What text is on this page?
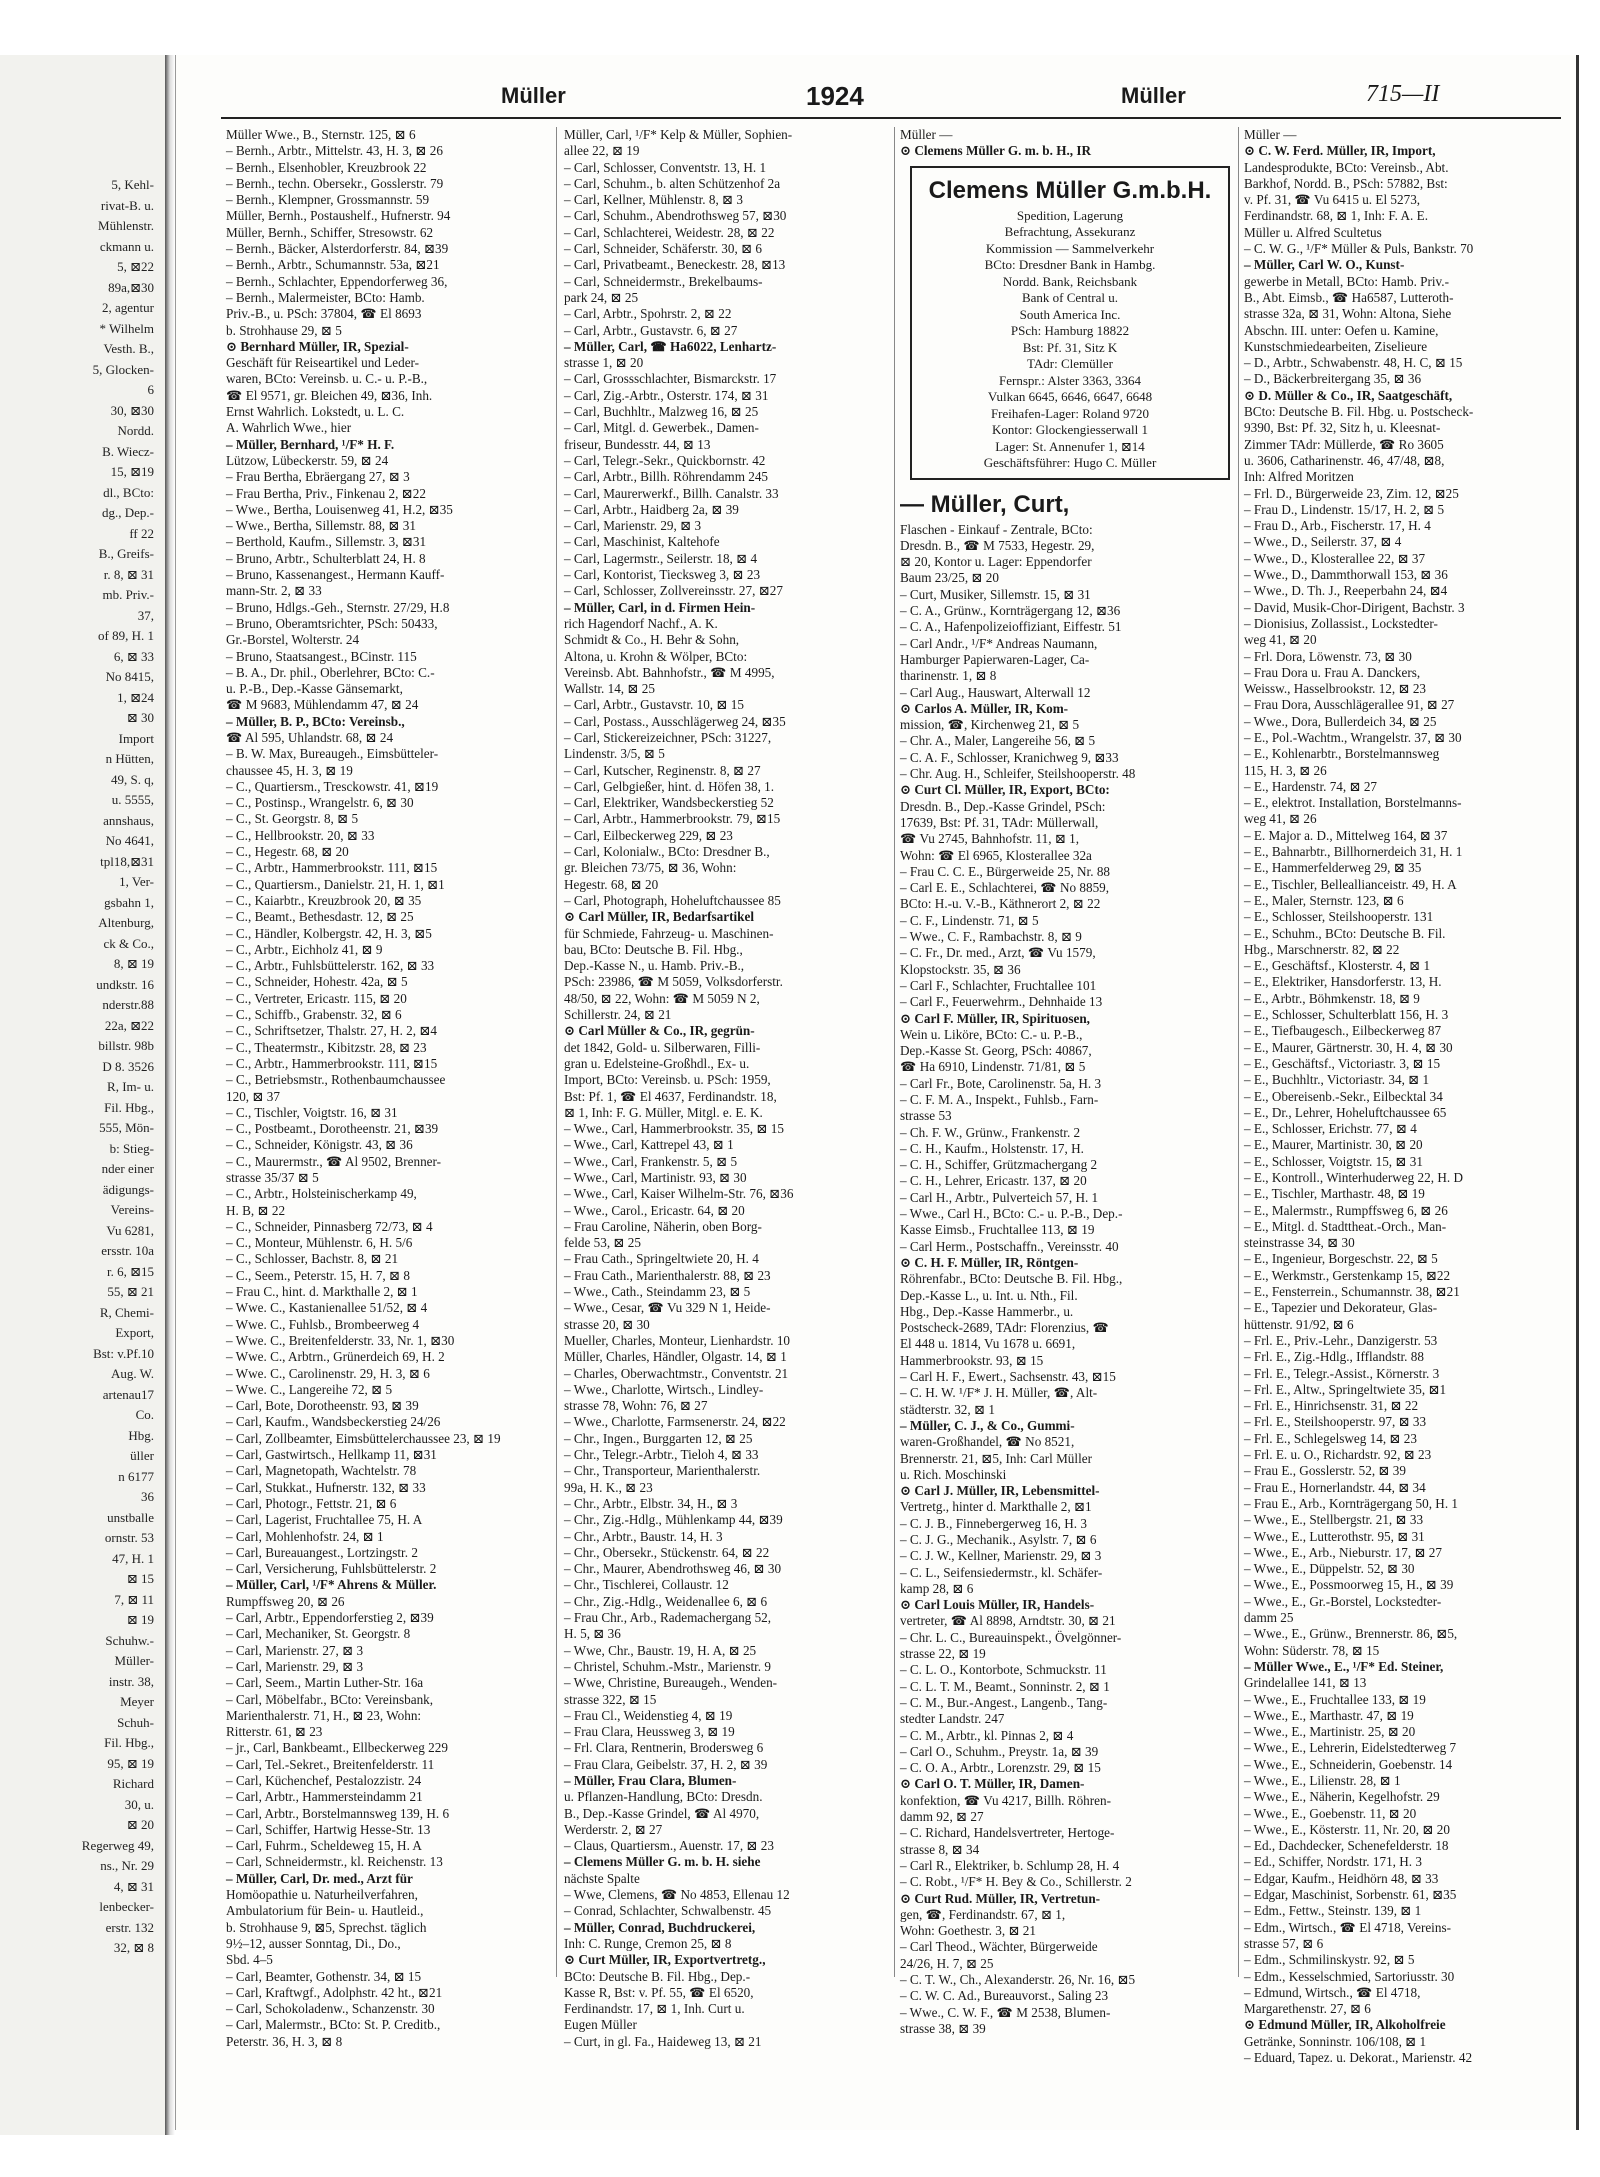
5, Kehl-
rivat-B. u.
Mühlenstr.
ckmann u.
5, ⊠22
89a,⊠30
2, agentur
* Wilhelm
Vesth. B.,
5, Glocken-
6
30, ⊠30
Nordd.
B. Wiecz-
15, ⊠19
dl., BCto:
dg., Dep.-
ff 22
B., Greifs-
r. 8, ⊠ 31
mb. Priv.-
37,
of 89, H. 1
6, ⊠ 33
No 8415,
1, ⊠24
⊠ 30
Import
n Hütten,
49, S. q,
u. 5555,
annshaus,
No 4641,
tpl18,⊠31
1, Ver-
gsbahn 1,
Altenburg,
ck & Co.,
8, ⊠ 19
undkstr. 16
nderstr.88
22a, ⊠22
billstr. 98b
D 8. 3526
R, Im- u.
Fil. Hbg.,
555, Mön-
b: Stieg-
nder einer
ädigungs-
Vereins-
Vu 6281,
ersstr. 10a
r. 6, ⊠15
55, ⊠ 21
R, Chemi-
Export,
Bst: v.Pf.10
Aug. W.
artenau17
Co.
Hbg.
üller
n 6177
36
unstballe
ornstr. 53
47, H. 1
⊠ 15
7, ⊠ 11
⊠ 19
Schuhw.-
Müller-
instr. 38,
Meyer
Schuh-
Fil. Hbg.,
95, ⊠ 19
Richard
30, u.
⊠ 20
Regerweg 49,
ns., Nr. 29
4, ⊠ 31
lenbecker-
erstr. 132
32, ⊠ 8
Müller	1924	Müller	715—II
Müller Wwe., B., Sternstr. 125, ⊠ 6
– Bernh., Arbtr., Mittelstr. 43, H. 3, ⊠ 26
– Bernh., Elsenhobler, Kreuzbrook 22
– Bernh., techn. Obersekr., Gosslerstr. 79
– Bernh., Klempner, Grossmannstr. 59
Müller, Bernh., Postaushelf., Hufnerstr. 94
Müller, Bernh., Schiffer, Stresowstr. 62
– Bernh., Bäcker, Alsterdorferstr. 84, ⊠39
– Bernh., Arbtr., Schumannstr. 53a, ⊠21
– Bernh., Schlachter, Eppendorferweg 36,
– Bernh., Malermeister, BCto: Hamb.
Priv.-B., u. PSch: 37804, ☎ El 8693
b. Strohhause 29, ⊠ 5
⊙ Bernhard Müller, IR, Spezial-
Geschäft für Reiseartikel und Leder-
waren, BCto: Vereinsb. u. C.- u. P.-B.,
☎ El 9571, gr. Bleichen 49, ⊠36, Inh.
Ernst Wahrlich. Lokstedt, u. L. C.
A. Wahrlich Wwe., hier
– Müller, Bernhard, ¹/F* H. F.
Lützow, Lübeckerstr. 59, ⊠ 24
– Frau Bertha, Ebräergang 27, ⊠ 3
– Frau Bertha, Priv., Finkenau 2, ⊠22
– Wwe., Bertha, Louisenweg 41, H.2, ⊠35
– Wwe., Bertha, Sillemstr. 88, ⊠ 31
– Berthold, Kaufm., Sillemstr. 3, ⊠31
– Bruno, Arbtr., Schulterblatt 24, H. 8
– Bruno, Kassenangest., Hermann Kauff-
mann-Str. 2, ⊠ 33
– Bruno, Hdlgs.-Geh., Sternstr. 27/29, H.8
– Bruno, Oberamtsrichter, PSch: 50433,
Gr.-Borstel, Wolterstr. 24
– Bruno, Staatsangest., BCinstr. 115
– B. A., Dr. phil., Oberlehrer, BCto: C.-
u. P.-B., Dep.-Kasse Gänsemarkt,
☎ M 9683, Mühlendamm 47, ⊠ 24
– Müller, B. P., BCto: Vereinsb.,
☎ Al 595, Uhlandstr. 68, ⊠ 24
– B. W. Max, Bureaugeh., Eimsbütteler-
chaussee 45, H. 3, ⊠ 19
– C., Quartiersm., Tresckowstr. 41, ⊠19
– C., Postinsp., Wrangelstr. 6, ⊠ 30
– C., St. Georgstr. 8, ⊠ 5
– C., Hellbrookstr. 20, ⊠ 33
– C., Hegestr. 68, ⊠ 20
– C., Arbtr., Hammerbrookstr. 111, ⊠15
– C., Quartiersm., Danielstr. 21, H. 1, ⊠1
– C., Kaiarbtr., Kreuzbrook 20, ⊠ 35
– C., Beamt., Bethesdastr. 12, ⊠ 25
– C., Händler, Kolbergstr. 42, H. 3, ⊠5
– C., Arbtr., Eichholz 41, ⊠ 9
– C., Arbtr., Fuhlsbüttelerstr. 162, ⊠ 33
– C., Schneider, Hohestr. 42a, ⊠ 5
– C., Vertreter, Ericastr. 115, ⊠ 20
– C., Schiffb., Grabenstr. 32, ⊠ 6
– C., Schriftsetzer, Thalstr. 27, H. 2, ⊠4
– C., Theatermstr., Kibitzstr. 28, ⊠ 23
– C., Arbtr., Hammerbrookstr. 111, ⊠15
– C., Betriebsmstr., Rothenbaumchaussee
120, ⊠ 37
– C., Tischler, Voigtstr. 16, ⊠ 31
– C., Postbeamt., Dorotheenstr. 21, ⊠39
– C., Schneider, Königstr. 43, ⊠ 36
– C., Maurermstr., ☎ Al 9502, Brenner-
strasse 35/37 ⊠ 5
– C., Arbtr., Holsteinischerkamp 49,
H. B, ⊠ 22
– C., Schneider, Pinnasberg 72/73, ⊠ 4
– C., Monteur, Mühlenstr. 6, H. 5/6
– C., Schlosser, Bachstr. 8, ⊠ 21
– C., Seem., Peterstr. 15, H. 7, ⊠ 8
– Frau C., hint. d. Markthalle 2, ⊠ 1
– Wwe. C., Kastanienallee 51/52, ⊠ 4
– Wwe. C., Fuhlsb., Brombeerweg 4
– Wwe. C., Breitenfelderstr. 33, Nr. 1, ⊠30
– Wwe. C., Arbtrn., Grünerdeich 69, H. 2
– Wwe. C., Carolinenstr. 29, H. 3, ⊠ 6
– Wwe. C., Langereihe 72, ⊠ 5
– Carl, Bote, Dorotheenstr. 93, ⊠ 39
– Carl, Kaufm., Wandsbeckerstieg 24/26
– Carl, Zollbeamter, Eimsbüttelerchaussee 23, ⊠ 19
– Carl, Gastwirtsch., Hellkamp 11, ⊠31
– Carl, Magnetopath, Wachtelstr. 78
– Carl, Stukkat., Hufnerstr. 132, ⊠ 33
– Carl, Photogr., Fettstr. 21, ⊠ 6
– Carl, Lagerist, Fruchtallee 75, H. A
– Carl, Mohlenhofstr. 24, ⊠ 1
– Carl, Bureauangest., Lortzingstr. 2
– Carl, Versicherung, Fuhlsbüttelerstr. 2
– Müller, Carl, ¹/F* Ahrens & Müller.
Rumpffsweg 20, ⊠ 26
– Carl, Arbtr., Eppendorferstieg 2, ⊠39
– Carl, Mechaniker, St. Georgstr. 8
– Carl, Marienstr. 27, ⊠ 3
– Carl, Marienstr. 29, ⊠ 3
– Carl, Seem., Martin Luther-Str. 16a
– Carl, Möbelfabr., BCto: Vereinsbank,
Marienthalerstr. 71, H., ⊠ 23, Wohn:
Ritterstr. 61, ⊠ 23
– jr., Carl, Bankbeamt., Ellbeckerweg 229
– Carl, Tel.-Sekret., Breitenfelderstr. 11
– Carl, Küchenchef, Pestalozzistr. 24
– Carl, Arbtr., Hammersteindamm 21
– Carl, Arbtr., Borstelmannsweg 139, H. 6
– Carl, Schiffer, Hartwig Hesse-Str. 13
– Carl, Fuhrm., Scheldeweg 15, H. A
– Carl, Schneidermstr., kl. Reichenstr. 13
– Müller, Carl, Dr. med., Arzt für
Homöopathie u. Naturheilverfahren,
Ambulatorium für Bein- u. Hautleid.,
b. Strohhause 9, ⊠5, Sprechst. täglich
9½–12, ausser Sonntag, Di., Do.,
Sbd. 4–5
– Carl, Beamter, Gothenstr. 34, ⊠ 15
– Carl, Kraftwgf., Adolphstr. 42 ht., ⊠21
– Carl, Schokoladenw., Schanzenstr. 30
– Carl, Malermstr., BCto: St. P. Creditb.,
Peterstr. 36, H. 3, ⊠ 8
Müller, Carl, ¹/F* Kelp & Müller, Sophien-
allee 22, ⊠ 19
– Carl, Schlosser, Conventstr. 13, H. 1
– Carl, Schuhm., b. alten Schützenhof 2a
– Carl, Kellner, Mühlenstr. 8, ⊠ 3
– Carl, Schuhm., Abendrothsweg 57, ⊠30
– Carl, Schlachterei, Weidestr. 28, ⊠ 22
– Carl, Schneider, Schäferstr. 30, ⊠ 6
– Carl, Privatbeamt., Beneckestr. 28, ⊠13
– Carl, Schneidermstr., Brekelbaums-
park 24, ⊠ 25
– Carl, Arbtr., Spohrstr. 2, ⊠ 22
– Carl, Arbtr., Gustavstr. 6, ⊠ 27
– Müller, Carl, ☎ Ha6022, Lenhartz-
strasse 1, ⊠ 20
– Carl, Grossschlachter, Bismarckstr. 17
– Carl, Zig.-Arbtr., Osterstr. 174, ⊠ 31
– Carl, Buchhltr., Malzweg 16, ⊠ 25
– Carl, Mitgl. d. Gewerbek., Damen-
friseur, Bundesstr. 44, ⊠ 13
– Carl, Telegr.-Sekr., Quickbornstr. 42
– Carl, Arbtr., Billh. Röhrendamm 245
– Carl, Maurerwerkf., Billh. Canalstr. 33
– Carl, Arbtr., Haidberg 2a, ⊠ 39
– Carl, Marienstr. 29, ⊠ 3
– Carl, Maschinist, Kaltehofe
– Carl, Lagermstr., Seilerstr. 18, ⊠ 4
– Carl, Kontorist, Tiecksweg 3, ⊠ 23
– Carl, Schlosser, Zollvereinsstr. 27, ⊠27
– Müller, Carl, in d. Firmen Hein-
rich Hagendorf Nachf., A. K.
Schmidt & Co., H. Behr & Sohn,
Altona, u. Krohn & Wölper, BCto:
Vereinsb. Abt. Bahnhofstr., ☎ M 4995,
Wallstr. 14, ⊠ 25
– Carl, Arbtr., Gustavstr. 10, ⊠ 15
– Carl, Postass., Ausschlägerweg 24, ⊠35
– Carl, Stickereizeichner, PSch: 31227,
Lindenstr. 3/5, ⊠ 5
– Carl, Kutscher, Reginenstr. 8, ⊠ 27
– Carl, Gelbgießer, hint. d. Höfen 38, 1.
– Carl, Elektriker, Wandsbeckerstieg 52
– Carl, Arbtr., Hammerbrookstr. 79, ⊠15
– Carl, Eilbeckerweg 229, ⊠ 23
– Carl, Kolonialw., BCto: Dresdner B.,
gr. Bleichen 73/75, ⊠ 36, Wohn:
Hegestr. 68, ⊠ 20
– Carl, Photograph, Hoheluftchaussee 85
⊙ Carl Müller, IR, Bedarfsartikel
für Schmiede, Fahrzeug- u. Maschinen-
bau, BCto: Deutsche B. Fil. Hbg.,
Dep.-Kasse N., u. Hamb. Priv.-B.,
PSch: 23986, ☎ M 5059, Volksdorferstr.
48/50, ⊠ 22, Wohn: ☎ M 5059 N 2,
Schillerstr. 24, ⊠ 21
⊙ Carl Müller & Co., IR, gegrün-
det 1842, Gold- u. Silberwaren, Filli-
gran u. Edelsteine-Großhdl., Ex- u.
Import, BCto: Vereinsb. u. PSch: 1959,
Bst: Pf. 1, ☎ El 4637, Ferdinandstr. 18,
⊠ 1, Inh: F. G. Müller, Mitgl. e. E. K.
– Wwe., Carl, Hammerbrookstr. 35, ⊠ 15
– Wwe., Carl, Kattrepel 43, ⊠ 1
– Wwe., Carl, Frankenstr. 5, ⊠ 5
– Wwe., Carl, Martinistr. 93, ⊠ 30
– Wwe., Carl, Kaiser Wilhelm-Str. 76, ⊠36
– Wwe., Carol., Ericastr. 64, ⊠ 20
– Frau Caroline, Näherin, oben Borg-
felde 53, ⊠ 25
– Frau Cath., Springeltwiete 20, H. 4
– Frau Cath., Marienthalerstr. 88, ⊠ 23
– Wwe., Cath., Steindamm 23, ⊠ 5
– Wwe., Cesar, ☎ Vu 329 N 1, Heide-
strasse 20, ⊠ 30
Mueller, Charles, Monteur, Lienhardstr. 10
Müller, Charles, Händler, Olgastr. 14, ⊠ 1
– Charles, Oberwachtmstr., Conventstr. 21
– Wwe., Charlotte, Wirtsch., Lindley-
strasse 78, Wohn: 76, ⊠ 27
– Wwe., Charlotte, Farmsenerstr. 24, ⊠22
– Chr., Ingen., Burggarten 12, ⊠ 25
– Chr., Telegr.-Arbtr., Tieloh 4, ⊠ 33
– Chr., Transporteur, Marienthalerstr.
99a, H. K., ⊠ 23
– Chr., Arbtr., Elbstr. 34, H., ⊠ 3
– Chr., Zig.-Hdlg., Mühlenkamp 44, ⊠39
– Chr., Arbtr., Baustr. 14, H. 3
– Chr., Obersekr., Stückenstr. 64, ⊠ 22
– Chr., Maurer, Abendrothsweg 46, ⊠ 30
– Chr., Tischlerei, Collaustr. 12
– Chr., Zig.-Hdlg., Weidenallee 6, ⊠ 6
– Frau Chr., Arb., Rademachergang 52,
H. 5, ⊠ 36
– Wwe, Chr., Baustr. 19, H. A, ⊠ 25
– Christel, Schuhm.-Mstr., Marienstr. 9
– Wwe, Christine, Bureaugeh., Wenden-
strasse 322, ⊠ 15
– Frau Cl., Weidenstieg 4, ⊠ 19
– Frau Clara, Heussweg 3, ⊠ 19
– Frl. Clara, Rentnerin, Brodersweg 6
– Frau Clara, Geibelstr. 37, H. 2, ⊠ 39
– Müller, Frau Clara, Blumen-
u. Pflanzen-Handlung, BCto: Dresdn.
B., Dep.-Kasse Grindel, ☎ Al 4970,
Werderstr. 2, ⊠ 27
– Claus, Quartiersm., Auenstr. 17, ⊠ 23
– Clemens Müller G. m. b. H. siehe
nächste Spalte
– Wwe, Clemens, ☎ No 4853, Ellenau 12
– Conrad, Schlachter, Schwalbenstr. 45
– Müller, Conrad, Buchdruckerei,
Inh: C. Runge, Cremon 25, ⊠ 8
⊙ Curt Müller, IR, Exportvertretg.,
BCto: Deutsche B. Fil. Hbg., Dep.-
Kasse R, Bst: v. Pf. 55, ☎ El 6520,
Ferdinandstr. 17, ⊠ 1, Inh. Curt u.
Eugen Müller
– Curt, in gl. Fa., Haideweg 13, ⊠ 21
Müller —
⊙ Clemens Müller G. m. b. H., IR
Clemens Müller G.m.b.H.
Spedition, Lagerung
Befrachtung, Assekuranz
Kommission — Sammelverkehr
BCto: Dresdner Bank in Hambg.
Nordd. Bank, Reichsbank
Bank of Central u.
South America Inc.
PSch: Hamburg 18822
Bst: Pf. 31, Sitz K
TAdr: Clemüller
Fernspr.: Alster 3363, 3364
Vulkan 6645, 6646, 6647, 6648
Freihafen-Lager: Roland 9720
Kontor: Glockengiesserwall 1
Lager: St. Annenufer 1, ⊠14
Geschäftsführer: Hugo C. Müller
— Müller, Curt,
Flaschen - Einkauf - Zentrale, BCto:
Dresdn. B., ☎ M 7533, Hegestr. 29,
⊠ 20, Kontor u. Lager: Eppendorfer
Baum 23/25, ⊠ 20
– Curt, Musiker, Sillemstr. 15, ⊠ 31
– C. A., Grünw., Kornträgergang 12, ⊠36
– C. A., Hafenpolizeioffiziant, Eiffestr. 51
– Carl Andr., ¹/F* Andreas Naumann,
Hamburger Papierwaren-Lager, Ca-
tharinenstr. 1, ⊠ 8
– Carl Aug., Hauswart, Alterwall 12
⊙ Carlos A. Müller, IR, Kom-
mission, ☎, Kirchenweg 21, ⊠ 5
– Chr. A., Maler, Langereihe 56, ⊠ 5
– C. A. F., Schlosser, Kranichweg 9, ⊠33
– Chr. Aug. H., Schleifer, Steilshooperstr. 48
⊙ Curt Cl. Müller, IR, Export, BCto:
Dresdn. B., Dep.-Kasse Grindel, PSch:
17639, Bst: Pf. 31, TAdr: Müllerwall,
☎ Vu 2745, Bahnhofstr. 11, ⊠ 1,
Wohn: ☎ El 6965, Klosterallee 32a
– Frau C. C. E., Bürgerweide 25, Nr. 88
– Carl E. E., Schlachterei, ☎ No 8859,
BCto: H.-u. V.-B., Käthnerort 2, ⊠ 22
– C. F., Lindenstr. 71, ⊠ 5
– Wwe., C. F., Rambachstr. 8, ⊠ 9
– C. Fr., Dr. med., Arzt, ☎ Vu 1579,
Klopstockstr. 35, ⊠ 36
– Carl F., Schlachter, Fruchtallee 101
– Carl F., Feuerwehrm., Dehnhaide 13
⊙ Carl F. Müller, IR, Spirituosen,
Wein u. Liköre, BCto: C.- u. P.-B.,
Dep.-Kasse St. Georg, PSch: 40867,
☎ Ha 6910, Lindenstr. 71/81, ⊠ 5
– Carl Fr., Bote, Carolinenstr. 5a, H. 3
– C. F. M. A., Inspekt., Fuhlsb., Farn-
strasse 53
– Ch. F. W., Grünw., Frankenstr. 2
– C. H., Kaufm., Holstenstr. 17, H.
– C. H., Schiffer, Grützmachergang 2
– C. H., Lehrer, Ericastr. 137, ⊠ 20
– Carl H., Arbtr., Pulverteich 57, H. 1
– Wwe., Carl H., BCto: C.- u. P.-B., Dep.-
Kasse Eimsb., Fruchtallee 113, ⊠ 19
– Carl Herm., Postschaffn., Vereinsstr. 40
⊙ C. H. F. Müller, IR, Röntgen-
Röhrenfabr., BCto: Deutsche B. Fil. Hbg.,
Dep.-Kasse L., u. Int. u. Nth., Fil.
Hbg., Dep.-Kasse Hammerbr., u.
Postscheck-2689, TAdr: Florenzius, ☎
El 448 u. 1814, Vu 1678 u. 6691,
Hammerbrookstr. 93, ⊠ 15
– Carl H. F., Ewert., Sachsenstr. 43, ⊠15
– C. H. W. ¹/F* J. H. Müller, ☎, Alt-
städterstr. 32, ⊠ 1
– Müller, C. J., & Co., Gummi-
waren-Großhandel, ☎ No 8521,
Brennerstr. 21, ⊠5, Inh: Carl Müller
u. Rich. Moschinski
⊙ Carl J. Müller, IR, Lebensmittel-
Vertretg., hinter d. Markthalle 2, ⊠1
– C. J. B., Finnebergerweg 16, H. 3
– C. J. G., Mechanik., Asylstr. 7, ⊠ 6
– C. J. W., Kellner, Marienstr. 29, ⊠ 3
– C. L., Seifensiedermstr., kl. Schäfer-
kamp 28, ⊠ 6
⊙ Carl Louis Müller, IR, Handels-
vertreter, ☎ Al 8898, Arndtstr. 30, ⊠ 21
– Chr. L. C., Bureauinspekt., Övelgönner-
strasse 22, ⊠ 19
– C. L. O., Kontorbote, Schmuckstr. 11
– C. L. T. M., Beamt., Sonninstr. 2, ⊠ 1
– C. M., Bur.-Angest., Langenb., Tang-
stedter Landstr. 247
– C. M., Arbtr., kl. Pinnas 2, ⊠ 4
– Carl O., Schuhm., Preystr. 1a, ⊠ 39
– C. O. A., Arbtr., Lorenzstr. 29, ⊠ 15
⊙ Carl O. T. Müller, IR, Damen-
konfektion, ☎ Vu 4217, Billh. Röhren-
damm 92, ⊠ 27
– C. Richard, Handelsvertreter, Hertoge-
strasse 8, ⊠ 34
– Carl R., Elektriker, b. Schlump 28, H. 4
– C. Robt., ¹/F* H. Bey & Co., Schillerstr. 2
⊙ Curt Rud. Müller, IR, Vertretun-
gen, ☎, Ferdinandstr. 67, ⊠ 1,
Wohn: Goethestr. 3, ⊠ 21
– Carl Theod., Wächter, Bürgerweide
24/26, H. 7, ⊠ 25
– C. T. W., Ch., Alexanderstr. 26, Nr. 16, ⊠5
– C. W. C. Ad., Bureauvorst., Saling 23
– Wwe., C. W. F., ☎ M 2538, Blumen-
strasse 38, ⊠ 39
Müller —
⊙ C. W. Ferd. Müller, IR, Import,
Landesprodukte, BCto: Vereinsb., Abt.
Barkhof, Nordd. B., PSch: 57882, Bst:
v. Pf. 31, ☎ Vu 6415 u. El 5273,
Ferdinandstr. 68, ⊠ 1, Inh: F. A. E.
Müller u. Alfred Scultetus
– C. W. G., ¹/F* Müller & Puls, Bankstr. 70
– Müller, Carl W. O., Kunst-
gewerbe in Metall, BCto: Hamb. Priv.-
B., Abt. Eimsb., ☎ Ha6587, Lutteroth-
strasse 32a, ⊠ 31, Wohn: Altona, Siehe
Abschn. III. unter: Oefen u. Kamine,
Kunstschmiedearbeiten, Ziselieure
– D., Arbtr., Schwabenstr. 48, H. C, ⊠ 15
– D., Bäckerbreitergang 35, ⊠ 36
⊙ D. Müller & Co., IR, Saatgeschäft,
BCto: Deutsche B. Fil. Hbg. u. Postscheck-
9390, Bst: Pf. 32, Sitz h, u. Kleesnat-
Zimmer TAdr: Müllerde, ☎ Ro 3605
u. 3606, Catharinenstr. 46, 47/48, ⊠8,
Inh: Alfred Moritzen
– Frl. D., Bürgerweide 23, Zim. 12, ⊠25
– Frau D., Lindenstr. 15/17, H. 2, ⊠ 5
– Frau D., Arb., Fischerstr. 17, H. 4
– Wwe., D., Seilerstr. 37, ⊠ 4
– Wwe., D., Klosterallee 22, ⊠ 37
– Wwe., D., Dammthorwall 153, ⊠ 36
– Wwe., D. Th. J., Reeperbahn 24, ⊠4
– David, Musik-Chor-Dirigent, Bachstr. 3
– Dionisius, Zollassist., Lockstedter-
weg 41, ⊠ 20
– Frl. Dora, Löwenstr. 73, ⊠ 30
– Frau Dora u. Frau A. Danckers,
Weissw., Hasselbrookstr. 12, ⊠ 23
– Frau Dora, Ausschlägerallee 91, ⊠ 27
– Wwe., Dora, Bullerdeich 34, ⊠ 25
– E., Pol.-Wachtm., Wrangelstr. 37, ⊠ 30
– E., Kohlenarbtr., Borstelmannsweg
115, H. 3, ⊠ 26
– E., Hardenstr. 74, ⊠ 27
– E., elektrot. Installation, Borstelmanns-
weg 41, ⊠ 26
– E. Major a. D., Mittelweg 164, ⊠ 37
– E., Bahnarbtr., Billhornerdeich 31, H. 1
– E., Hammerfelderweg 29, ⊠ 35
– E., Tischler, Belleallianceistr. 49, H. A
– E., Maler, Sternstr. 123, ⊠ 6
– E., Schlosser, Steilshooperstr. 131
– E., Schuhm., BCto: Deutsche B. Fil.
Hbg., Marschnerstr. 82, ⊠ 22
– E., Geschäftsf., Klosterstr. 4, ⊠ 1
– E., Elektriker, Hansdorferstr. 13, H.
– E., Arbtr., Böhmkenstr. 18, ⊠ 9
– E., Schlosser, Schulterblatt 156, H. 3
– E., Tiefbaugesch., Eilbeckerweg 87
– E., Maurer, Gärtnerstr. 30, H. 4, ⊠ 30
– E., Geschäftsf., Victoriastr. 3, ⊠ 15
– E., Buchhltr., Victoriastr. 34, ⊠ 1
– E., Obereisenb.-Sekr., Eilbecktal 34
– E., Dr., Lehrer, Hoheluftchaussee 65
– E., Schlosser, Erichstr. 77, ⊠ 4
– E., Maurer, Martinistr. 30, ⊠ 20
– E., Schlosser, Voigtstr. 15, ⊠ 31
– E., Kontroll., Winterhuderweg 22, H. D
– E., Tischler, Marthastr. 48, ⊠ 19
– E., Malermstr., Rumpffsweg 6, ⊠ 26
– E., Mitgl. d. Stadttheat.-Orch., Man-
steinstrasse 34, ⊠ 30
– E., Ingenieur, Borgeschstr. 22, ⊠ 5
– E., Werkmstr., Gerstenkamp 15, ⊠22
– E., Fensterrein., Schumannstr. 38, ⊠21
– E., Tapezier und Dekorateur, Glas-
hüttenstr. 91/92, ⊠ 6
– Frl. E., Priv.-Lehr., Danzigerstr. 53
– Frl. E., Zig.-Hdlg., Ifflandstr. 88
– Frl. E., Telegr.-Assist., Körnerstr. 3
– Frl. E., Altw., Springeltwiete 35, ⊠1
– Frl. E., Hinrichsenstr. 31, ⊠ 22
– Frl. E., Steilshooperstr. 97, ⊠ 33
– Frl. E., Schlegelsweg 14, ⊠ 23
– Frl. E. u. O., Richardstr. 92, ⊠ 23
– Frau E., Gosslerstr. 52, ⊠ 39
– Frau E., Hornerlandstr. 44, ⊠ 34
– Frau E., Arb., Kornträgergang 50, H. 1
– Wwe., E., Stellbergstr. 21, ⊠ 33
– Wwe., E., Lutterothstr. 95, ⊠ 31
– Wwe., E., Arb., Nieburstr. 17, ⊠ 27
– Wwe., E., Düppelstr. 52, ⊠ 30
– Wwe., E., Possmoorweg 15, H., ⊠ 39
– Wwe., E., Gr.-Borstel, Lockstedter-
damm 25
– Wwe., E., Grünw., Brennerstr. 86, ⊠5,
Wohn: Süderstr. 78, ⊠ 15
– Müller Wwe., E., ¹/F* Ed. Steiner,
Grindelallee 141, ⊠ 13
– Wwe., E., Fruchtallee 133, ⊠ 19
– Wwe., E., Marthastr. 47, ⊠ 19
– Wwe., E., Martinistr. 25, ⊠ 20
– Wwe., E., Lehrerin, Eidelstedterweg 7
– Wwe., E., Schneiderin, Goebenstr. 14
– Wwe., E., Lilienstr. 28, ⊠ 1
– Wwe., E., Näherin, Kegelhofstr. 29
– Wwe., E., Goebenstr. 11, ⊠ 20
– Wwe., E., Kösterstr. 11, Nr. 20, ⊠ 20
– Ed., Dachdecker, Schenefelderstr. 18
– Ed., Schiffer, Nordstr. 171, H. 3
– Edgar, Kaufm., Heidhörn 48, ⊠ 33
– Edgar, Maschinist, Sorbenstr. 61, ⊠35
– Edm., Fettw., Steinstr. 139, ⊠ 1
– Edm., Wirtsch., ☎ El 4718, Vereins-
strasse 57, ⊠ 6
– Edm., Schmilinskystr. 92, ⊠ 5
– Edm., Kesselschmied, Sartoriusstr. 30
– Edmund, Wirtsch., ☎ El 4718,
Margarethenstr. 27, ⊠ 6
⊙ Edmund Müller, IR, Alkoholfreie
Getränke, Sonninstr. 106/108, ⊠ 1
– Eduard, Tapez. u. Dekorat., Marienstr. 42
